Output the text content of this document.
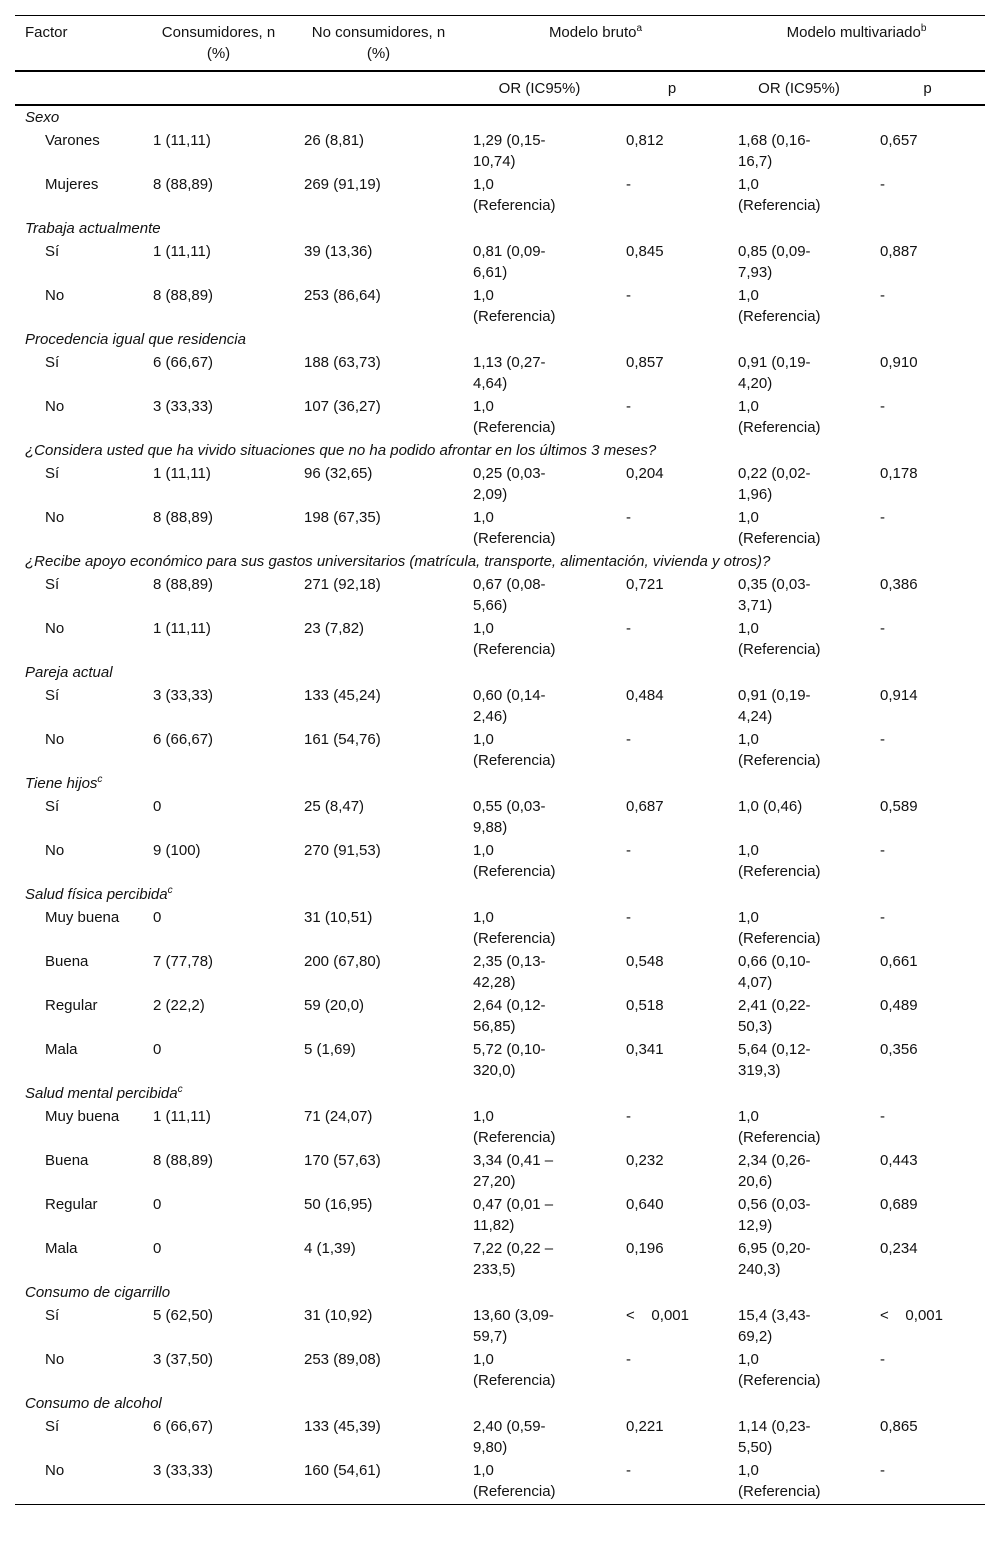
Factor	Consumidores, n (%)	No consumidores, n (%)	Modelo bruto$^a$		Modelo multivariado$^b$
			OR (IC95%)	p	OR (IC95%)	p
Sexo						
Varones	1 (11,11)	26 (8,81)	1,29 (0,15-10,74)	0,812	1,68 (0,16-16,7)	0,657
Mujeres	8 (88,89)	269 (91,19)	1,0 (Referencia)	-	1,0 (Referencia)	-
Trabaja actualmente						
Sí	1 (11,11)	39 (13,36)	0,81 (0,09-6,61)	0,845	0,85 (0,09-7,93)	0,887
No	8 (88,89)	253 (86,64)	1,0 (Referencia)	-	1,0 (Referencia)	-
Procedencia igual que residencia						
Sí	6 (66,67)	188 (63,73)	1,13 (0,27-4,64)	0,857	0,91 (0,19-4,20)	0,910
No	3 (33,33)	107 (36,27)	1,0 (Referencia)	-	1,0 (Referencia)	-
¿Considera usted que ha vivido situaciones que no ha podido afrontar en los últimos 3 meses?						
Sí	1 (11,11)	96 (32,65)	0,25 (0,03-2,09)	0,204	0,22 (0,02-1,96)	0,178
No	8 (88,89)	198 (67,35)	1,0 (Referencia)	-	1,0 (Referencia)	-
¿Recibe apoyo económico para sus gastos universitarios (matrícula, transporte, alimentación, vivienda y otros)?						
Sí	8 (88,89)	271 (92,18)	0,67 (0,08-5,66)	0,721	0,35 (0,03-3,71)	0,386
No	1 (11,11)	23 (7,82)	1,0 (Referencia)	-	1,0 (Referencia)	-
Pareja actual						
Sí	3 (33,33)	133 (45,24)	0,60 (0,14-2,46)	0,484	0,91 (0,19-4,24)	0,914
No	6 (66,67)	161 (54,76)	1,0 (Referencia)	-	1,0 (Referencia)	-
Tiene hijos$^c$
Sí	0	25 (8,47)	0,55 (0,03-9,88)	0,687	1,0 (0,46)	0,589
No	9 (100)	270 (91,53)	1,0 (Referencia)	-	1,0 (Referencia)	-
Salud física percibida$^c$
Muy buena	0	31 (10,51)	1,0 (Referencia)	-	1,0 (Referencia)	-
Buena	7 (77,78)	200 (67,80)	2,35 (0,13-42,28)	0,548	0,66 (0,10-4,07)	0,661
Regular	2 (22,2)	59 (20,0)	2,64 (0,12-56,85)	0,518	2,41 (0,22-50,3)	0,489
Mala	0	5 (1,69)	5,72 (0,10-320,0)	0,341	5,64 (0,12-319,3)	0,356
Salud mental percibida$^c$
Muy buena	1 (11,11)	71 (24,07)	1,0 (Referencia)	-	1,0 (Referencia)	-
Buena	8 (88,89)	170 (57,63)	3,34 (0,41 – 27,20)	0,232	2,34 (0,26-20,6)	0,443
Regular	0	50 (16,95)	0,47 (0,01 – 11,82)	0,640	0,56 (0,03-12,9)	0,689
Mala	0	4 (1,39)	7,22 (0,22 – 233,5)	0,196	6,95 (0,20-240,3)	0,234
Consumo de cigarrillo						
Sí	5 (62,50)	31 (10,92)	13,60 (3,09-59,7)	<    0,001	15,4 (3,43-69,2)	<    0,001
No	3 (37,50)	253 (89,08)	1,0 (Referencia)	-	1,0 (Referencia)	-
Consumo de alcohol						
Sí	6 (66,67)	133 (45,39)	2,40 (0,59-9,80)	0,221	1,14 (0,23-5,50)	0,865
No	3 (33,33)	160 (54,61)	1,0 (Referencia)	-	1,0 (Referencia)	-
